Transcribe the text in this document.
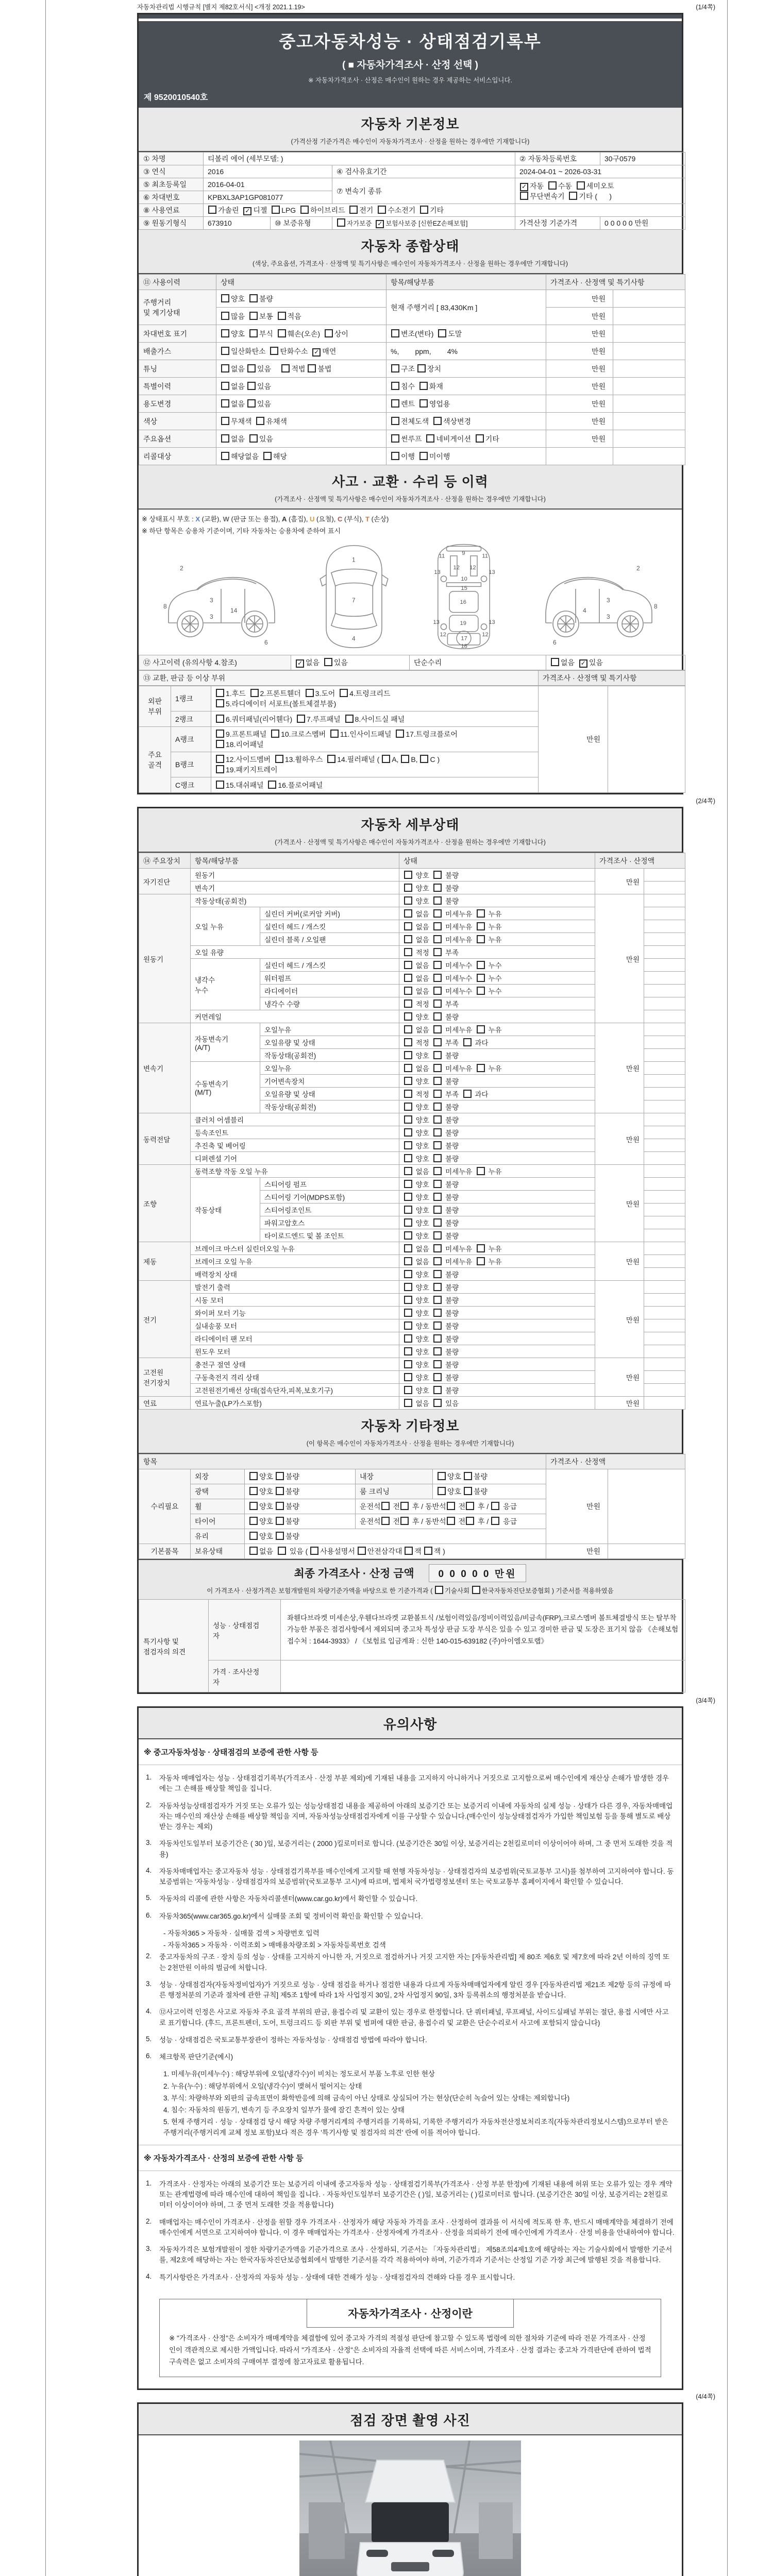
자동차관리법 시행규칙 [별지 제82호서식] <개정 2021.1.19>	(1/4쪽)
중고자동차성능 · 상태점검기록부
( ■ 자동차가격조사 · 산정 선택 )
※ 자동차가격조사 · 산정은 매수인이 원하는 경우 제공하는 서비스입니다.
제 9520010540호
자동차 기본정보
(가격산정 기준가격은 매수인이 자동차가격조사 · 산정을 원하는 경우에만 기재합니다)
① 차명	티볼리 에어 (세부모델: )			② 자동차등록번호	30구0579
③ 연식	2016		④ 검사유효기간	2024-04-01 ~ 2026-03-31	
⑤ 최초등록일	2016-04-01		⑦ 변속기 종류	✓ 자동  수동  세미오토
무단변속기  기타 (      )	
⑥ 차대번호	KPBXL3AP1GP081077				
⑧ 사용연료	가솔린  ✓ 디젤  LPG  하이브리드  전기  수소전기  기타				
⑨ 원동기형식	673910	⑩ 보증유형	자가보증  ✓ 보험사보증 [신한EZ손해보험]	가격산정 기준가격	0 0 0 0 0 만원
자동차 종합상태
(색상, 주요옵션, 가격조사 · 산정액 및 특기사항은 매수인이 자동차가격조사 · 산정을 원하는 경우에만 기재합니다)
⑪ 사용이력	상태	항목/해당부품	가격조사 · 산정액 및 특기사항	
주행거리
및 계기상태	양호  불량	현재 주행거리 [ 83,430Km ]	만원	
	많음  보통  적음		만원	
차대번호 표기	양호  부식  훼손(오손)  상이	변조(변타)  도말	만원	
배출가스	일산화탄소  탄화수소  ✓ 매연	%,        ppm,        4%	만원	
튜닝	없음 있음     적법 불법	구조 장치	만원	
특별이력	없음 있음	침수  화재	만원	
용도변경	없음 있음	렌트  영업용	만원	
색상	무채색  유채색	전체도색  색상변경	만원	
주요옵션	없음  있음	썬루프  네비게이션  기타	만원	
리콜대상	해당없음  해당	이행  미이행		
사고 · 교환 · 수리 등 이력
(가격조사 · 산정액 및 특기사항은 매수인이 자동차가격조사 · 산정을 원하는 경우에만 기재합니다)
※ 상태표시 부호 : X (교환), W (판금 또는 용접), A (흠집), U (요철), C (부식), T (손상)
※ 하단 항목은 승용차 기준이며, 기타 자동차는 승용차에 준하여 표시
2
8
3
14
3
6
1
7
4
11	9	11
13
12 12
13
10
15
16
13	19	13
12
17
12
18
2
8
3
4
3
6
⑫ 사고이력 (유의사항 4.참조)	✓ 없음  있음	단순수리	없음  ✓ 있음
⑬ 교환, 판금 등 이상 부위	가격조사 · 산정액 및 특기사항
외판
부위	1랭크	1.후드  2.프론트휀더  3.도어  4.트렁크리드
5.라디에이터 서포트(볼트체결부품)	만원	
	2랭크	6.쿼터패널(리어휀다)  7.루프패널  8.사이드실 패널		
주요
골격	A랭크	9.프론트패널  10.크로스멤버  11.인사이드패널  17.트렁크플로어
18.리어패널		
	B랭크	12.사이드멤버  13.휠하우스  14.필러패널 ( A, B, C )
19.패키지트레이		
	C랭크	15.대쉬패널  16.플로어패널		
(2/4쪽)
자동차 세부상태
(가격조사 · 산정액 및 특기사항은 매수인이 자동차가격조사 · 산정을 원하는 경우에만 기재합니다)
⑭ 주요장치	항목/해당부품		상태	가격조사 · 산정액	
자기진단	원동기		양호   불량	만원	
	변속기		양호   불량		
원동기	작동상태(공회전)		양호   불량	만원	
	오일 누유	실린더 커버(로커암 커버)	없음   미세누유   누유		
		실린더 헤드 / 개스킷	없음   미세누유   누유		
		실린더 블록 / 오일팬	없음   미세누유   누유		
	오일 유량		적정   부족		
	냉각수
누수	실린더 헤드 / 개스킷	없음   미세누수   누수		
		워터펌프	없음   미세누수   누수		
		라디에이터	없음   미세누수   누수		
		냉각수 수량	적정   부족		
	커먼레일		양호   불량		
변속기	자동변속기
(A/T)	오일누유	없음   미세누유   누유	만원	
		오일유량 및 상태	적정   부족   과다		
		작동상태(공회전)	양호   불량		
	수동변속기
(M/T)	오일누유	없음   미세누유   누유		
		기어변속장치	양호   불량		
		오일유량 및 상태	적정   부족   과다		
		작동상태(공회전)	양호   불량		
동력전달	클러치 어셈블리		양호   불량	만원	
	등속조인트		양호   불량		
	추진축 및 베어링		양호   불량		
	디퍼렌셜 기어		양호   불량		
조향	동력조향 작동 오일 누유		없음   미세누유   누유	만원	
	작동상태	스티어링 펌프	양호   불량		
		스티어링 기어(MDPS포함)	양호   불량		
		스티어링조인트	양호   불량		
		파워고압호스	양호   불량		
		타이로드엔드 및 볼 조인트	양호   불량		
제동	브레이크 마스터 실린더오일 누유		없음   미세누유   누유	만원	
	브레이크 오일 누유		없음   미세누유   누유		
	배력장치 상태		양호   불량		
전기	발전기 출력		양호   불량	만원	
	시동 모터		양호   불량		
	와이퍼 모터 기능		양호   불량		
	실내송풍 모터		양호   불량		
	라디에이터 팬 모터		양호   불량		
	윈도우 모터		양호   불량		
고전원
전기장치	충전구 절연 상태		양호   불량	만원	
	구동축전지 격리 상태		양호   불량		
	고전원전기배선 상태(접속단자,피복,보호기구)		양호   불량		
연료	연료누출(LP가스포함)		없음   있음	만원	
자동차 기타정보
(이 항목은 매수인이 자동차가격조사 · 산정을 원하는 경우에만 기재합니다)
항목					가격조사 · 산정액	
수리필요	외장	양호 불량	내장	양호 불량	만원	
	광택	양호 불량	룸 크리닝	양호 불량		
	휠	양호 불량	운전석 전 후 / 동반석 전 후 /  응급			
	타이어	양호 불량	운전석 전 후 / 동반석 전 후 /  응급			
	유리	양호 불량				
기본품목	보유상태	없음   있음 ( 사용설명서 안전삼각대 잭 잭 )			만원	
최종 가격조사 · 산정 금액 0 0 0 0 0 만원
이 가격조사 · 산정가격은 보험개발원의 차량기준가액을 바탕으로 한 기준가격과 ( 기술사회 한국자동차진단보증협회 ) 기준서를 적용하였음
특기사항 및
점검자의 의견	성능 · 상태점검
자	좌휀다브라켓 미세손상,우휀다브라켓 교환볼트식 /보험이력있음/정비이력있음/비금속(FRP),크로스멤버 볼트체결방식 또는 탈부착 가능한 부품은 점검사항에서 제외되며 중고차 특성상 판금 도장 부식은 있을 수 있고 경미한 판금 및 도장은 표기치 않음 《손해보험 접수처 : 1644-3933》 / 《보험료 입금계좌 : 신한 140-015-639182 (주)아이엠오토랩》
	가격 · 조사산정
자	
(3/4쪽)
유의사항
※ 중고자동차성능 · 상태점검의 보증에 관한 사항 등
1.	자동차 매매업자는 성능 · 상태점검기록부(가격조사 · 산정 부분 제외)에 기재된 내용을 고지하지 아니하거나 거짓으로 고지함으로써 매수인에게 재산상 손해가 발생한 경우에는 그 손해를 배상할 책임을 집니다.
2.	자동차성능상태점검자가 거짓 또는 오류가 있는 성능상태점검 내용을 제공하여 아래의 보증기간 또는 보증거리 이내에 자동차의 실제 성능 · 상태가 다른 경우, 자동차매매업자는 매수인의 재산상 손해를 배상할 책임을 지며, 자동차성능상태점검자에게 이를 구상할 수 있습니다.(매수인이 성능상태점검자가 가입한 책임보험 등을 통해 별도로 배상받는 경우는 제외)
3.	자동차인도일부터 보증기간은 ( 30 )일, 보증거리는 ( 2000 )킬로미터로 합니다. (보증기간은 30일 이상, 보증거리는 2천킬로미터 이상이어야 하며, 그 중 먼저 도래한 것을 적용)
4.	자동차매매업자는 중고자동차 성능 · 상태점검기록부를 매수인에게 고지할 때 현행 자동차성능 · 상태점검자의 보증범위(국토교통부 고시)를 첨부하여 고지하여야 합니다. 동 보증범위는 '자동차성능 · 상태점검자의 보증범위'(국토교통부 고시)에 따르며, 법제처 국가법령정보센터 또는 국토교통부 홈페이지에서 확인할 수 있습니다.
5.	자동차의 리콜에 관한 사항은 자동차리콜센터(www.car.go.kr)에서 확인할 수 있습니다.
6.	자동차365(www.car365.go.kr)에서 실매물 조회 및 정비이력 확인을 확인할 수 있습니다.
- 자동차365 > 자동차 · 실매물 검색 > 차량번호 입력
- 자동차365 > 자동차 · 이력조회 > 매매용차량조회 > 자동차등록번호 검색
2.	중고자동차의 구조 · 장치 등의 성능 · 상태를 고지하지 아니한 자, 거짓으로 점검하거나 거짓 고지한 자는 [자동차관리법] 제 80조 제6호 및 제7호에 따라 2년 이하의 징역 또는 2천만원 이하의 벌금에 처합니다.
3.	성능 · 상태점검자(자동차정비업자)가 거짓으로 성능 · 상태 점검을 하거나 점검한 내용과 다르게 자동차매매업자에게 알린 경우 [자동차관리법 제21조 제2항 등의 규정에 따른 행정처분의 기준과 절차에 관한 규칙] 제5조 1항에 따라 1차 사업정지 30일, 2차 사업정지 90일, 3차 등록취소의 행정처분을 받습니다.
4.	⑫사고이력 인정은 사고로 자동차 주요 골격 부위의 판금, 용접수리 및 교환이 있는 경우로 한정합니다. 단 쿼터패널, 루프패널, 사이드실패널 부위는 절단, 용접 시에만 사고로 표기합니다. (후드, 프론트펜더, 도어, 트렁크리드 등 외판 부위 및 범퍼에 대한 판금, 용접수리 및 교환은 단순수리로서 사고에 포함되지 않습니다)
5.	성능 · 상태점검은 국토교통부장관이 정하는 자동차성능 · 상태점검 방법에 따라야 합니다.
6.	체크항목 판단기준(예시)
1. 미세누유(미세누수) : 해당부위에 오일(냉각수)이 비치는 정도로서 부품 노후로 인한 현상
2. 누유(누수) : 해당부위에서 오일(냉각수)이 맺혀서 떨어지는 상태
3. 부식: 차량하부와 외판의 금속표면이 화학반응에 의해 금속이 아닌 상태로 상실되어 가는 현상(단순히 녹슬어 있는 상태는 제외합니다)
4. 침수: 자동차의 원동기, 변속기 등 주요장치 일부가 물에 잠긴 흔적이 있는 상태
5. 현재 주행거리 · 성능 · 상태점검 당시 해당 차량 주행거리계의 주행거리를 기록하되, 기록한 주행거리가 자동차전산정보처리조직(자동차관리정보시스템)으로부터 받은 주행거리(주행거리계 교체 정보 포함)보다 적은 경우 '특기사항 및 점검자의 의견' 란에 이를 적어야 합니다.
※ 자동차가격조사 · 산정의 보증에 관한 사항 등
1.	가격조사 · 산정자는 아래의 보증기간 또는 보증거리 이내에 중고자동차 성능 · 상태점검기록부(가격조사 · 산정 부분 한정)에 기재된 내용에 허위 또는 오류가 있는 경우 계약 또는 관계법령에 따라 매수인에 대하여 책임을 집니다. · 자동차인도일부터 보증기간은 ( )일, 보증거리는 ( )킬로미터로 합니다. (보증기간은 30일 이상, 보증거리는 2천킬로미터 이상이어야 하며, 그 중 먼저 도래한 것을 적용합니다)
2.	매매업자는 매수인이 가격조사 · 산정을 원할 경우 가격조사 · 산정자가 해당 자동차 가격을 조사 · 산정하여 결과를 이 서식에 적도록 한 후, 반드시 매매계약을 체결하기 전에 매수인에게 서면으로 고지하여야 합니다. 이 경우 매매업자는 가격조사 · 산정자에게 가격조사 · 산정을 의뢰하기 전에 매수인에게 가격조사 · 산정 비용을 안내하여야 합니다.
3.	자동차가격은 보험개발원이 정한 차량기준가액을 기준가격으로 조사 · 산정하되, 기준서는 「자동차관리법」 제58조의4제1호에 해당하는 자는 기술사회에서 발행한 기준서를, 제2호에 해당하는 자는 한국자동차진단보증협회에서 발행한 기준서를 각각 적용하여야 하며, 기준가격과 기준서는 산정일 기준 가장 최근에 발행된 것을 적용합니다.
4.	특기사항란은 가격조사 · 산정자의 자동차 성능 · 상태에 대한 견해가 성능 · 상태점검자의 견해와 다를 경우 표시합니다.
자동차가격조사 · 산정이란
※ "가격조사 · 산정"은 소비자가 매매계약을 체결함에 있어 중고차 가격의 적절성 판단에 참고할 수 있도록 법령에 의한 절차와 기준에 따라 전문 가격조사 · 산정인이 객관적으로 제시한 가액입니다. 따라서 "가격조사 · 산정"은 소비자의 자율적 선택에 따른 서비스이며, 가격조사 · 산정 결과는 중고차 가격판단에 관하여 법적 구속력은 없고 소비자의 구매여부 결정에 참고자료로 활용됩니다.
(4/4쪽)
점검 장면 촬영 사진
